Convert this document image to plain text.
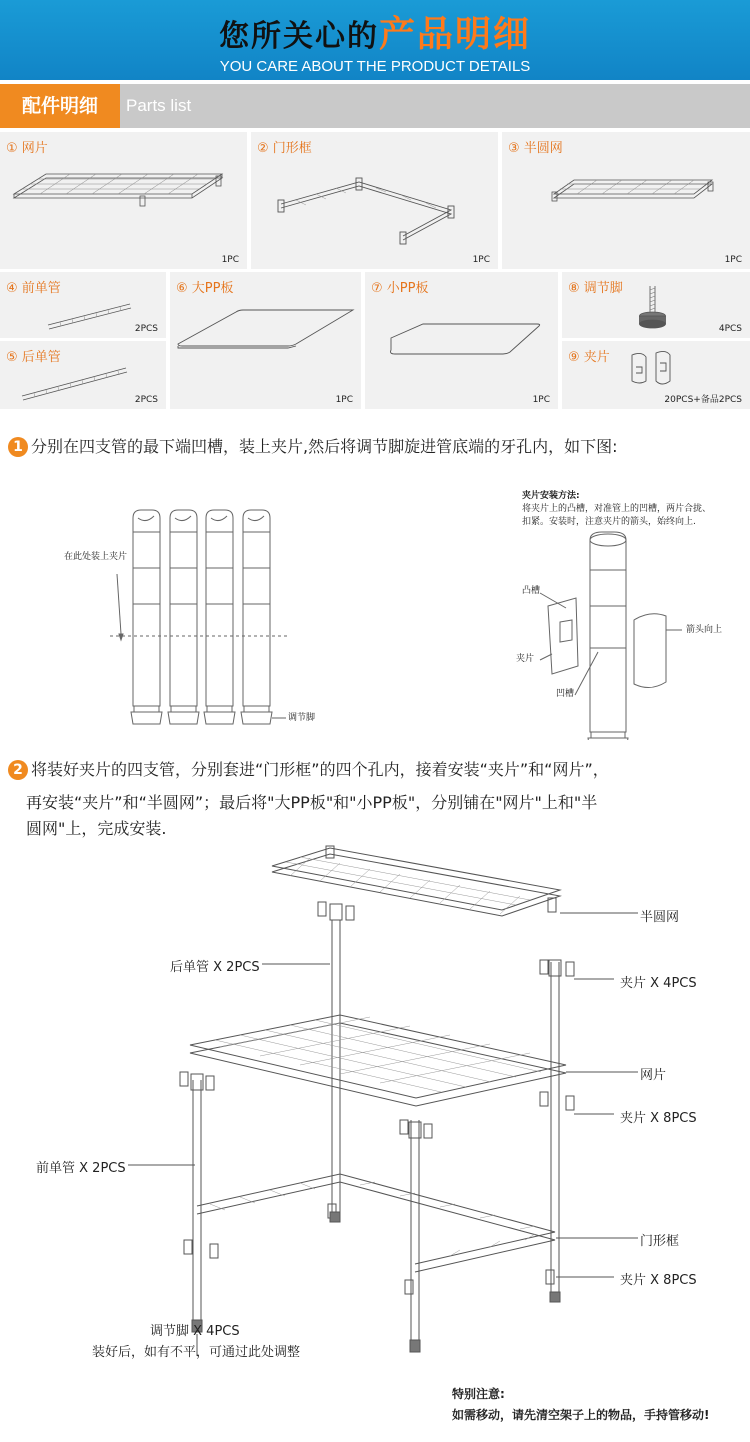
您所关心的产品明细
YOU CARE ABOUT THE PRODUCT DETAILS
配件明细	Parts list
① 网片
1PC
② 门形框
1PC
③ 半圆网
1PC
④ 前单管
2PCS
⑤ 后单管
2PCS
⑥ 大PP板
1PC
⑦ 小PP板
1PC
⑧ 调节脚
4PCS
⑨ 夹片
20PCS+备品2PCS
1 分别在四支管的最下端凹槽，装上夹片,然后将调节脚旋进管底端的牙孔内，如下图:
在此处装上夹片
调节脚
夹片安装方法:
将夹片上的凸槽，对准管上的凹槽，两片合拢、
扣紧。安装时，注意夹片的箭头，始终向上.
凸槽
夹片
凹槽
箭头向上
2 将装好夹片的四支管，分别套进“门形框”的四个孔内，接着安装“夹片”和“网片”，
再安装“夹片”和“半圆网”；最后将"大PP板"和"小PP板"，分别铺在"网片"上和"半
圆网"上，完成安装.
半圆网
后单管 X 2PCS
夹片 X 4PCS
网片
夹片 X 8PCS
前单管 X 2PCS
门形框
夹片 X 8PCS
调节脚 X 4PCS
装好后，如有不平，可通过此处调整
特别注意:
如需移动，请先清空架子上的物品，手持管移动!
